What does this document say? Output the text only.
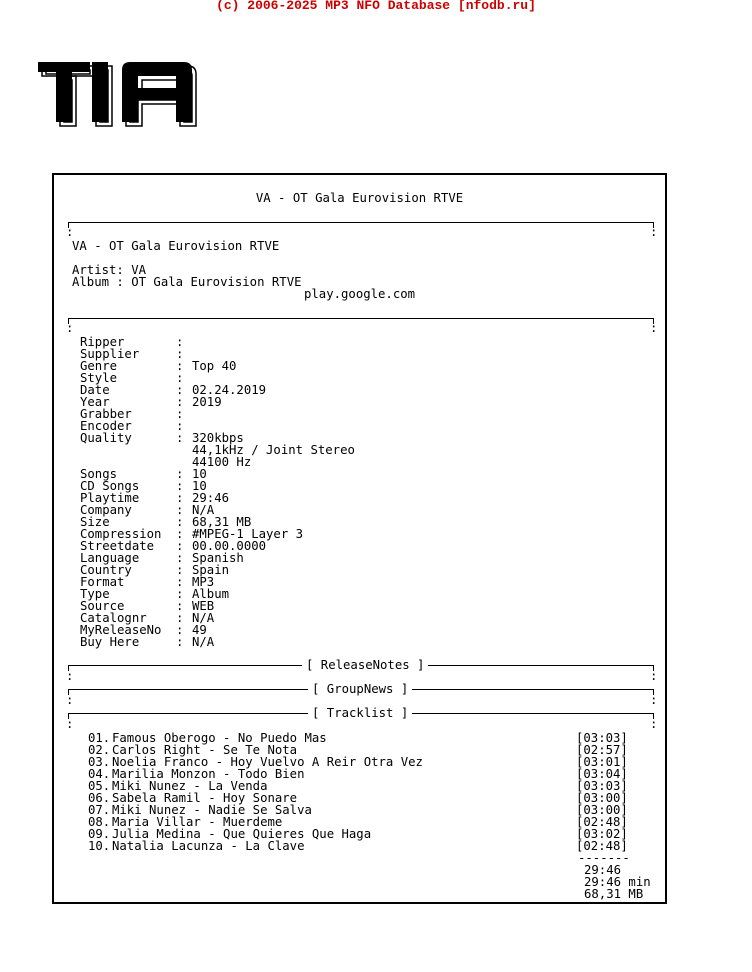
(c) 2006-2025 MP3 NFO Database [nfodb.ru]
VA - OT Gala Eurovision RTVE
:	:
VA - OT Gala Eurovision RTVE
Artist: VA
Album : OT Gala Eurovision RTVE
play.google.com
:	:
Ripper	:
Supplier	:
Genre	: Top 40
Style	:
Date	: 02.24.2019
Year	: 2019
Grabber	:
Encoder	:
Quality	: 320kbps
44,1kHz / Joint Stereo
44100 Hz
Songs	: 10
CD Songs	: 10
Playtime	: 29:46
Company	: N/A
Size	: 68,31 MB
Compression : #MPEG-1 Layer 3
Streetdate : 00.00.0000
Language	: Spanish
Country	: Spain
Format	: MP3
Type	: Album
Source	: WEB
Catalognr : N/A
MyReleaseNo : 49
Buy Here	: N/A
[ ReleaseNotes ]
:	:
[ GroupNews ]
:	:
[ Tracklist ]
:	:
01. Famous Oberogo - No Puedo Mas	[03:03]
02. Carlos Right - Se Te Nota	[02:57]
03. Noelia Franco - Hoy Vuelvo A Reir Otra Vez	[03:01]
04. Marilia Monzon - Todo Bien	[03:04]
05. Miki Nunez - La Venda	[03:03]
06. Sabela Ramil - Hoy Sonare	[03:00]
07. Miki Nunez - Nadie Se Salva	[03:00]
08. Maria Villar - Muerdeme	[02:48]
09. Julia Medina - Que Quieres Que Haga	[03:02]
10. Natalia Lacunza - La Clave	[02:48]
-------
29:46
29:46 min
68,31 MB
